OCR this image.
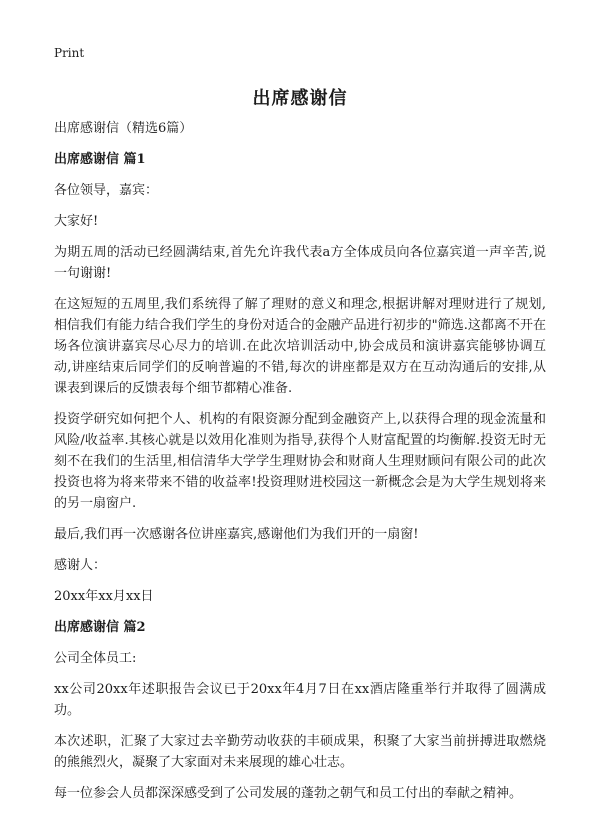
Print
出席感谢信

出席感谢信（精选6篇）

出席感谢信 篇1

各位领导，嘉宾：

大家好!

为期五周的活动已经圆满结束,首先允许我代表a方全体成员向各位嘉宾道一声辛苦,说一句谢谢!

在这短短的五周里,我们系统得了解了理财的意义和理念,根据讲解对理财进行了规划,相信我们有能力结合我们学生的身份对适合的金融产品进行初步的"筛选.这都离不开在场各位演讲嘉宾尽心尽力的培训.在此次培训活动中,协会成员和演讲嘉宾能够协调互动,讲座结束后同学们的反响普遍的不错,每次的讲座都是双方在互动沟通后的安排,从课表到课后的反馈表每个细节都精心准备.

投资学研究如何把个人、机构的有限资源分配到金融资产上,以获得合理的现金流量和风险/收益率.其核心就是以效用化准则为指导,获得个人财富配置的均衡解.投资无时无刻不在我们的生活里,相信清华大学学生理财协会和财商人生理财顾问有限公司的此次投资也将为将来带来不错的收益率!投资理财进校园这一新概念会是为大学生规划将来的另一扇窗户.

最后,我们再一次感谢各位讲座嘉宾,感谢他们为我们开的一扇窗!

感谢人：

20xx年xx月xx日

出席感谢信 篇2

公司全体员工:

xx公司20xx年述职报告会议已于20xx年4月7日在xx酒店隆重举行并取得了圆满成功。

本次述职，汇聚了大家过去辛勤劳动收获的丰硕成果，积聚了大家当前拼搏进取燃烧的熊熊烈火，凝聚了大家面对未来展现的雄心壮志。

每一位参会人员都深深感受到了公司发展的蓬勃之朝气和员工付出的奉献之精神。
